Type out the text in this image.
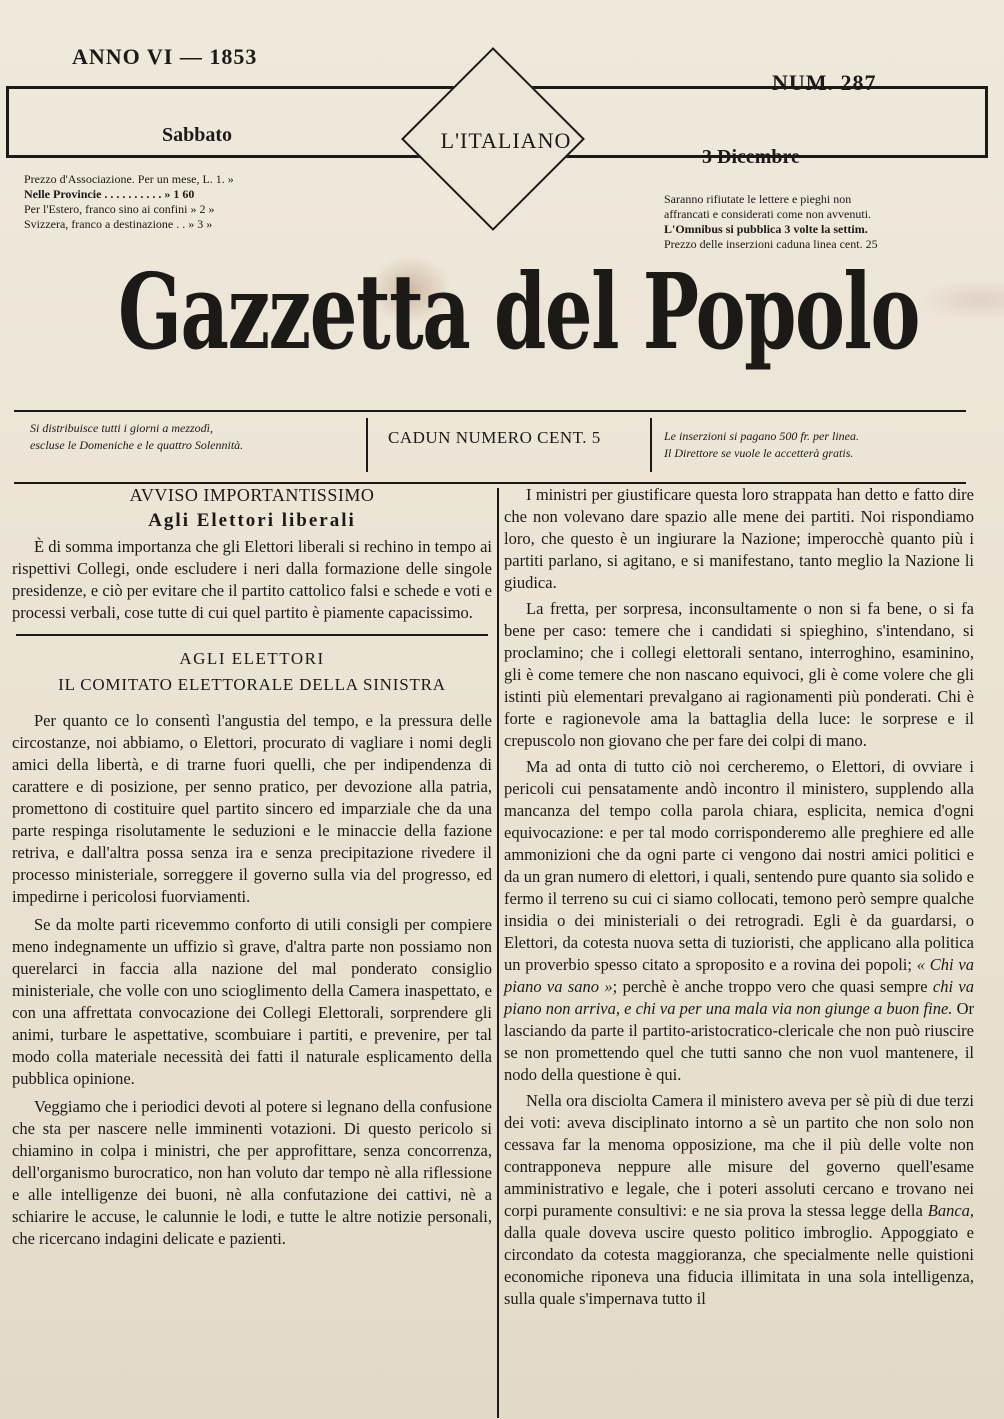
ANNO VI — 1853
NUM. 287
Sabbato
3 Dicembre
L'ITALIANO
Prezzo d'Associazione. Per un mese, L. 1. »
Nelle Provincie . . . . . . . . . . » 1 60
Per l'Estero, franco sino ai confini » 2 »
Svizzera, franco a destinazione . . » 3 »
Saranno rifiutate le lettere e pieghi non
affrancati e considerati come non avvenuti.
L'Omnibus si pubblica 3 volte la settim.
Prezzo delle inserzioni caduna linea cent. 25
Gazzetta del Popolo
Si distribuisce tutti i giorni a mezzodì,
escluse le Domeniche e le quattro Solennità.	CADUN NUMERO CENT. 5	Le inserzioni si pagano 500 fr. per linea.
Il Direttore se vuole le accetterà gratis.
AVVISO IMPORTANTISSIMO
Agli Elettori liberali

È di somma importanza che gli Elettori liberali si rechino in tempo ai rispettivi Collegi, onde escludere i neri dalla formazione delle singole presidenze, e ciò per evitare che il partito cattolico falsi e schede e voti e processi verbali, cose tutte di cui quel partito è piamente capacissimo.

AGLI ELETTORI
IL COMITATO ELETTORALE DELLA SINISTRA

Per quanto ce lo consentì l'angustia del tempo, e la pressura delle circostanze, noi abbiamo, o Elettori, procurato di vagliare i nomi degli amici della libertà, e di trarne fuori quelli, che per indipendenza di carattere e di posizione, per senno pratico, per devozione alla patria, promettono di costituire quel partito sincero ed imparziale che da una parte respinga risolutamente le seduzioni e le minaccie della fazione retriva, e dall'altra possa senza ira e senza precipitazione rivedere il processo ministeriale, sorreggere il governo sulla via del progresso, ed impedirne i pericolosi fuorviamenti.

Se da molte parti ricevemmo conforto di utili consigli per compiere meno indegnamente un uffizio sì grave, d'altra parte non possiamo non querelarci in faccia alla nazione del mal ponderato consiglio ministeriale, che volle con uno scioglimento della Camera inaspettato, e con una affrettata convocazione dei Collegi Elettorali, sorprendere gli animi, turbare le aspettative, scombuiare i partiti, e prevenire, per tal modo colla materiale necessità dei fatti il naturale esplicamento della pubblica opinione.

Veggiamo che i periodici devoti al potere si legnano della confusione che sta per nascere nelle imminenti votazioni. Di questo pericolo si chiamino in colpa i ministri, che per approfittare, senza concorrenza, dell'organismo burocratico, non han voluto dar tempo nè alla riflessione e alle intelligenze dei buoni, nè alla confutazione dei cattivi, nè a schiarire le accuse, le calunnie le lodi, e tutte le altre notizie personali, che ricercano indagini delicate e pazienti.

I ministri per giustificare questa loro strappata han detto e fatto dire che non volevano dare spazio alle mene dei partiti. Noi rispondiamo loro, che questo è un ingiurare la Nazione; imperocchè quanto più i partiti parlano, si agitano, e si manifestano, tanto meglio la Nazione li giudica.

La fretta, per sorpresa, inconsultamente o non si fa bene, o si fa bene per caso: temere che i candidati si spieghino, s'intendano, si proclamino; che i collegi elettorali sentano, interroghino, esaminino, gli è come temere che non nascano equivoci, gli è come volere che gli istinti più elementari prevalgano ai ragionamenti più ponderati. Chi è forte e ragionevole ama la battaglia della luce: le sorprese e il crepuscolo non giovano che per fare dei colpi di mano.

Ma ad onta di tutto ciò noi cercheremo, o Elettori, di ovviare i pericoli cui pensatamente andò incontro il ministero, supplendo alla mancanza del tempo colla parola chiara, esplicita, nemica d'ogni equivocazione: e per tal modo corrisponderemo alle preghiere ed alle ammonizioni che da ogni parte ci vengono dai nostri amici politici e da un gran numero di elettori, i quali, sentendo pure quanto sia solido e fermo il terreno su cui ci siamo collocati, temono però sempre qualche insidia o dei ministeriali o dei retrogradi. Egli è da guardarsi, o Elettori, da cotesta nuova setta di tuzioristi, che applicano alla politica un proverbio spesso citato a sproposito e a rovina dei popoli; « Chi va piano va sano »; perchè è anche troppo vero che quasi sempre chi va piano non arriva, e chi va per una mala via non giunge a buon fine. Or lasciando da parte il partito-aristocratico-clericale che non può riuscire se non promettendo quel che tutti sanno che non vuol mantenere, il nodo della questione è qui.

Nella ora disciolta Camera il ministero aveva per sè più di due terzi dei voti: aveva disciplinato intorno a sè un partito che non solo non cessava far la menoma opposizione, ma che il più delle volte non contrapponeva neppure alle misure del governo quell'esame amministrativo e legale, che i poteri assoluti cercano e trovano nei corpi puramente consultivi: e ne sia prova la stessa legge della Banca, dalla quale doveva uscire questo politico imbroglio. Appoggiato e circondato da cotesta maggioranza, che specialmente nelle quistioni economiche riponeva una fiducia illimitata in una sola intelligenza, sulla quale s'impernava tutto il
